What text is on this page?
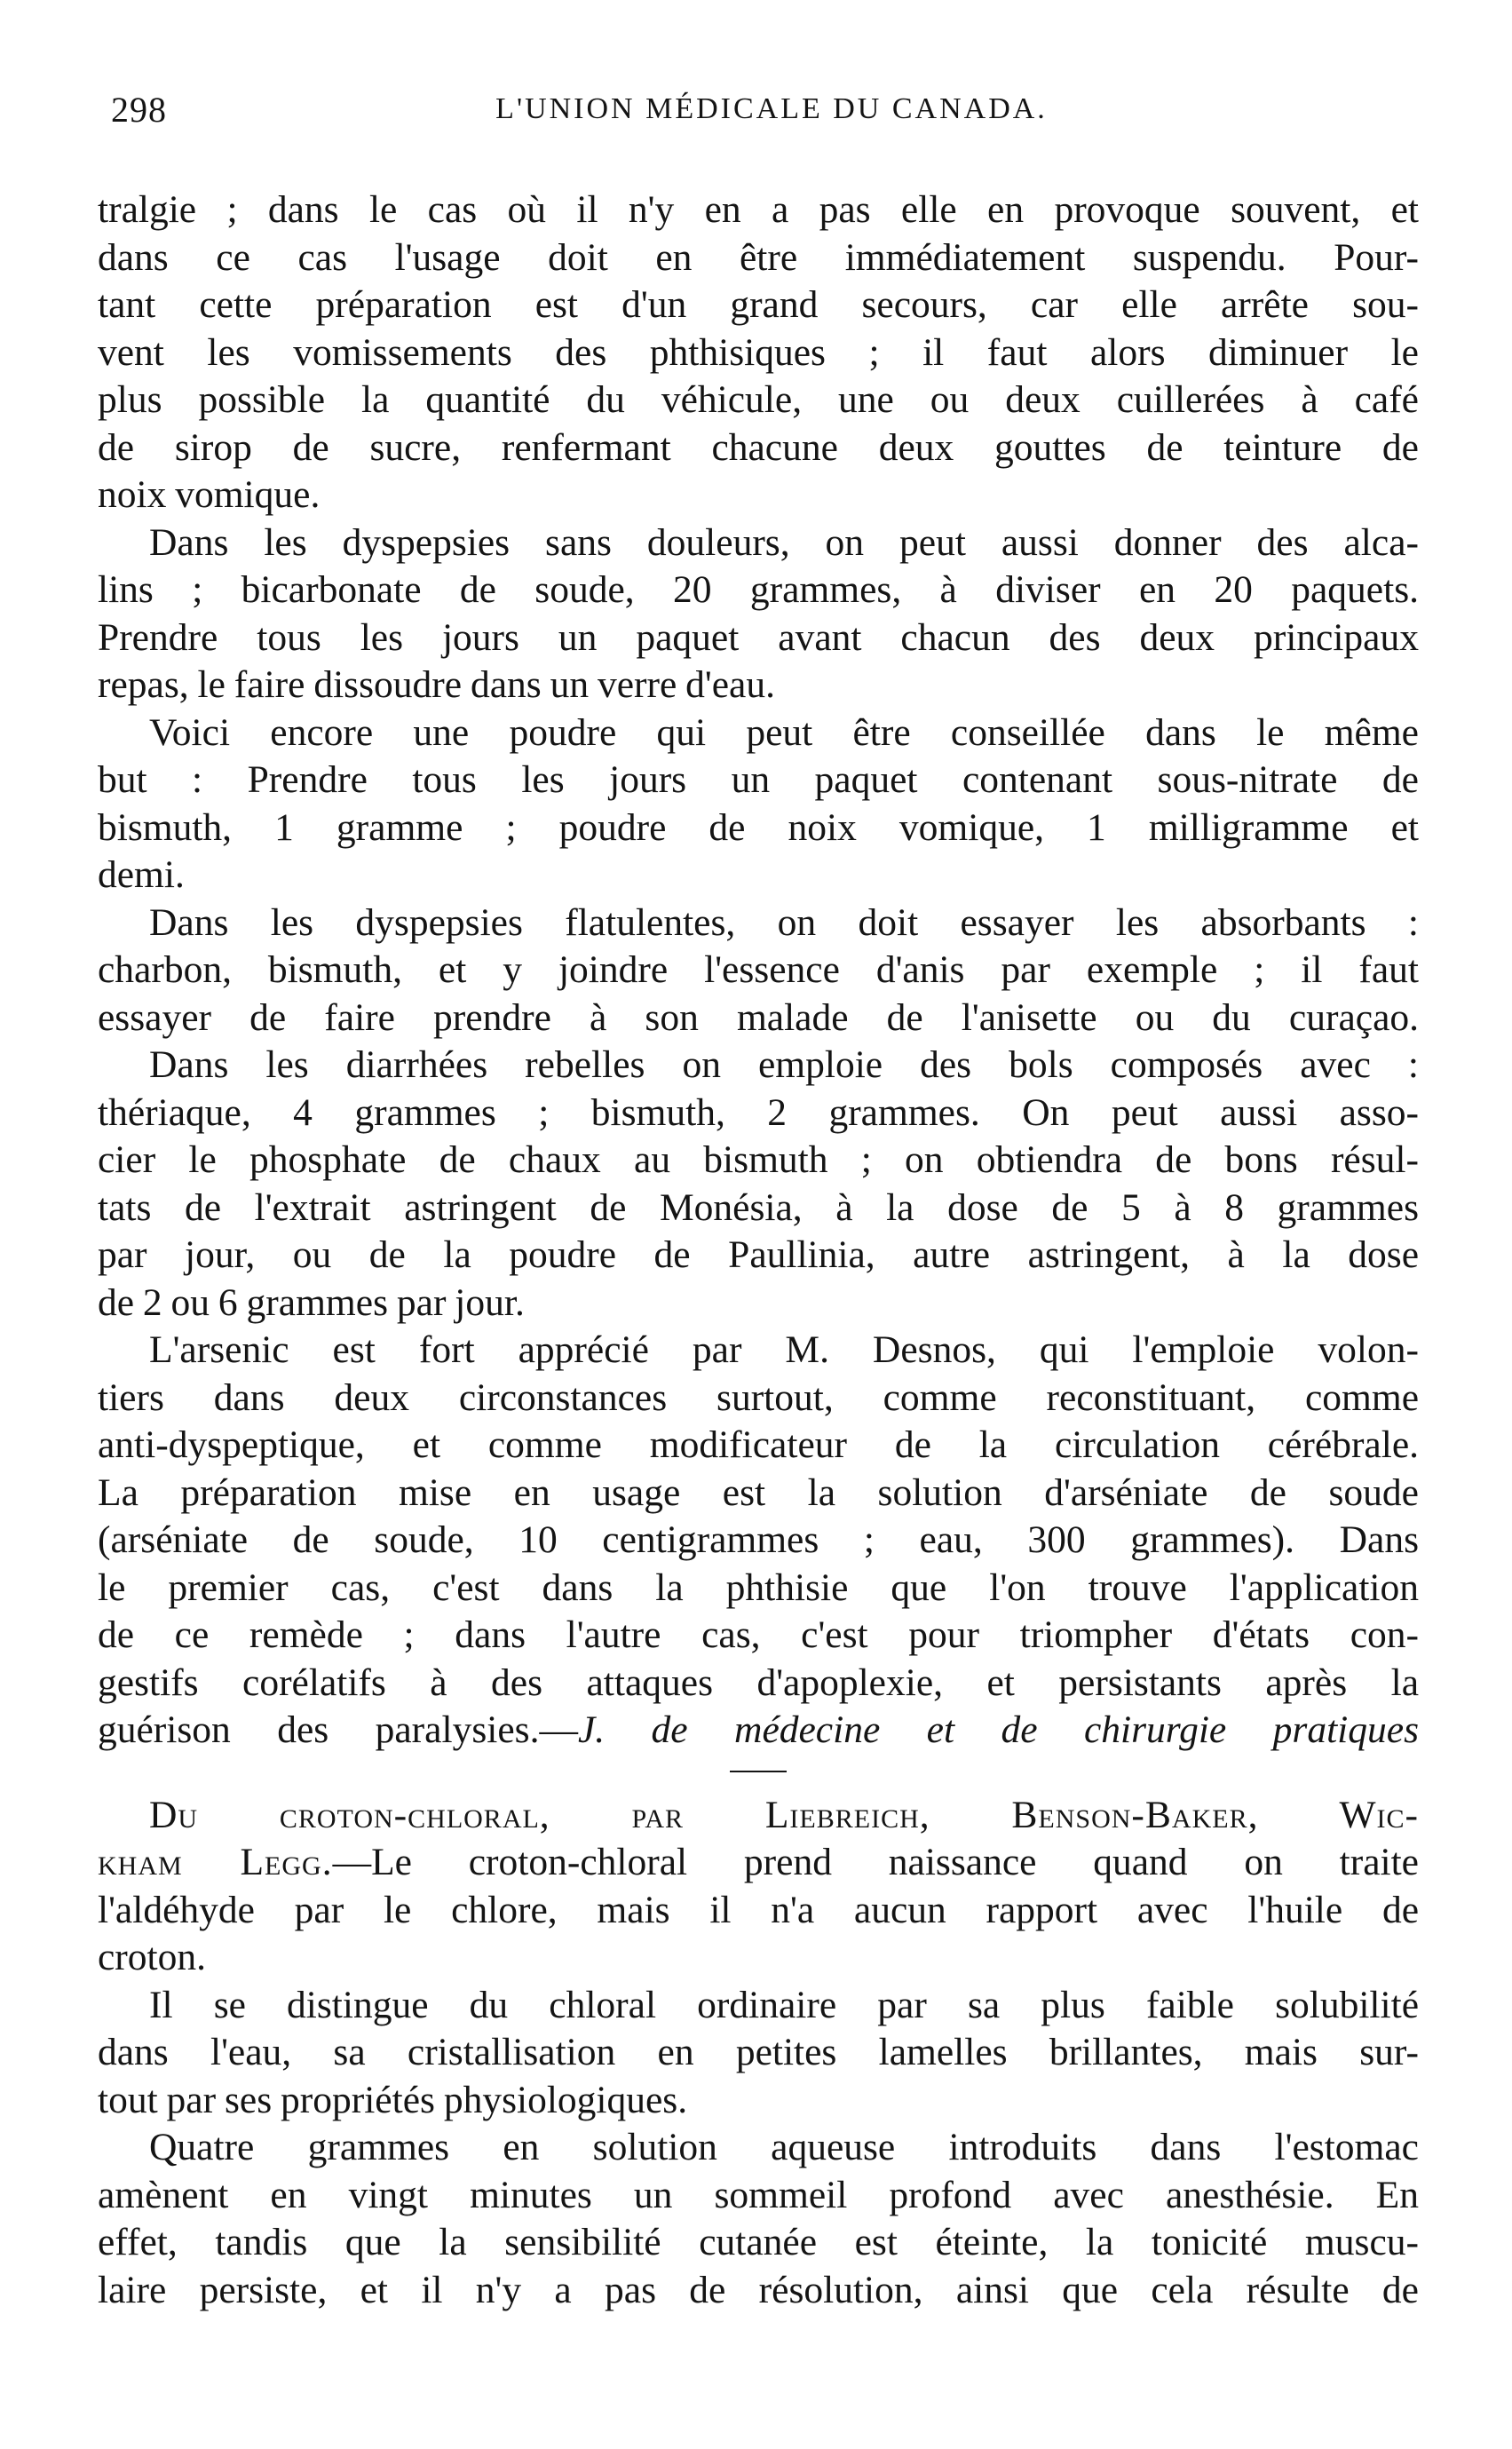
298	L'UNION MÉDICALE DU CANADA.
tralgie ; dans le cas où il n'y en a pas elle en provoque souvent, et
dans ce cas l'usage doit en être immédiatement suspendu. Pour-
tant cette préparation est d'un grand secours, car elle arrête sou-
vent les vomissements des phthisiques ; il faut alors diminuer le
plus possible la quantité du véhicule, une ou deux cuillerées à café
de sirop de sucre, renfermant chacune deux gouttes de teinture de
noix vomique.
Dans les dyspepsies sans douleurs, on peut aussi donner des alca-
lins ; bicarbonate de soude, 20 grammes, à diviser en 20 paquets.
Prendre tous les jours un paquet avant chacun des deux principaux
repas, le faire dissoudre dans un verre d'eau.
Voici encore une poudre qui peut être conseillée dans le même
but : Prendre tous les jours un paquet contenant sous-nitrate de
bismuth, 1 gramme ; poudre de noix vomique, 1 milligramme et
demi.
Dans les dyspepsies flatulentes, on doit essayer les absorbants :
charbon, bismuth, et y joindre l'essence d'anis par exemple ; il faut
essayer de faire prendre à son malade de l'anisette ou du curaçao.
Dans les diarrhées rebelles on emploie des bols composés avec :
thériaque, 4 grammes ; bismuth, 2 grammes. On peut aussi asso-
cier le phosphate de chaux au bismuth ; on obtiendra de bons résul-
tats de l'extrait astringent de Monésia, à la dose de 5 à 8 grammes
par jour, ou de la poudre de Paullinia, autre astringent, à la dose
de 2 ou 6 grammes par jour.
L'arsenic est fort apprécié par M. Desnos, qui l'emploie volon-
tiers dans deux circonstances surtout, comme reconstituant, comme
anti-dyspeptique, et comme modificateur de la circulation cérébrale.
La préparation mise en usage est la solution d'arséniate de soude
(arséniate de soude, 10 centigrammes ; eau, 300 grammes). Dans
le premier cas, c'est dans la phthisie que l'on trouve l'application
de ce remède ; dans l'autre cas, c'est pour triompher d'états con-
gestifs corélatifs à des attaques d'apoplexie, et persistants après la
guérison des paralysies.—J. de médecine et de chirurgie pratiques
Du croton-chloral, par Liebreich, Benson-Baker, Wic-
kham Legg.—Le croton-chloral prend naissance quand on traite
l'aldéhyde par le chlore, mais il n'a aucun rapport avec l'huile de
croton.
Il se distingue du chloral ordinaire par sa plus faible solubilité
dans l'eau, sa cristallisation en petites lamelles brillantes, mais sur-
tout par ses propriétés physiologiques.
Quatre grammes en solution aqueuse introduits dans l'estomac
amènent en vingt minutes un sommeil profond avec anesthésie. En
effet, tandis que la sensibilité cutanée est éteinte, la tonicité muscu-
laire persiste, et il n'y a pas de résolution, ainsi que cela résulte de
